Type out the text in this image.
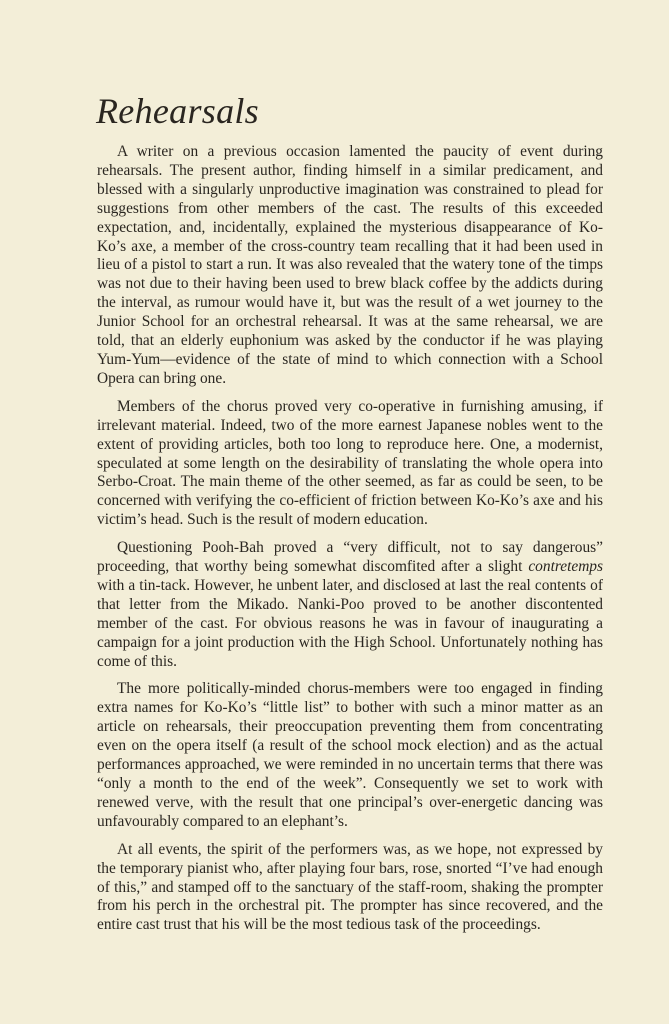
Rehearsals

A writer on a previous occasion lamented the paucity of event during rehearsals. The present author, finding himself in a similar predicament, and blessed with a singularly unproductive imagination was constrained to plead for suggestions from other members of the cast. The results of this exceeded expectation, and, incidentally, explained the mysterious disappearance of Ko-Ko’s axe, a member of the cross-country team recalling that it had been used in lieu of a pistol to start a run. It was also revealed that the watery tone of the timps was not due to their having been used to brew black coffee by the addicts during the interval, as rumour would have it, but was the result of a wet journey to the Junior School for an orchestral rehearsal. It was at the same rehearsal, we are told, that an elderly euphonium was asked by the conductor if he was playing Yum-Yum—evidence of the state of mind to which connection with a School Opera can bring one.

Members of the chorus proved very co-operative in furnishing amusing, if irrelevant material. Indeed, two of the more earnest Japanese nobles went to the extent of providing articles, both too long to reproduce here. One, a modernist, speculated at some length on the desirability of translating the whole opera into Serbo-Croat. The main theme of the other seemed, as far as could be seen, to be concerned with verifying the co-efficient of friction between Ko-Ko’s axe and his victim’s head. Such is the result of modern education.

Questioning Pooh-Bah proved a “very difficult, not to say dangerous” proceeding, that worthy being somewhat discomfited after a slight contretemps with a tin-tack. However, he unbent later, and disclosed at last the real contents of that letter from the Mikado. Nanki-Poo proved to be another discontented member of the cast. For obvious reasons he was in favour of inaugurating a campaign for a joint production with the High School. Unfortunately nothing has come of this.

The more politically-minded chorus-members were too engaged in finding extra names for Ko-Ko’s “little list” to bother with such a minor matter as an article on rehearsals, their preoccupation preventing them from concentrating even on the opera itself (a result of the school mock election) and as the actual performances approached, we were reminded in no uncertain terms that there was “only a month to the end of the week”. Consequently we set to work with renewed verve, with the result that one principal’s over-energetic dancing was unfavourably compared to an elephant’s.

At all events, the spirit of the performers was, as we hope, not expressed by the temporary pianist who, after playing four bars, rose, snorted “I’ve had enough of this,” and stamped off to the sanctuary of the staff-room, shaking the prompter from his perch in the orchestral pit. The prompter has since recovered, and the entire cast trust that his will be the most tedious task of the proceedings.
